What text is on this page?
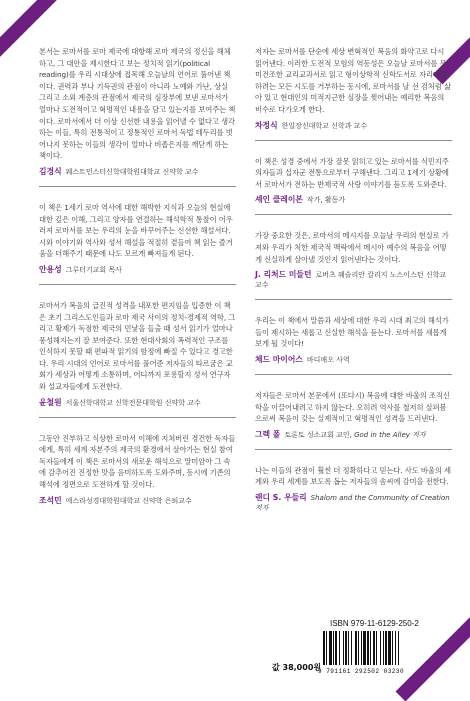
본서는 로마서를 로마 제국에 대항해 로마 제국의 정신을 해체하고, 그 대안을 제시한다고 보는 정치적 읽기(political reading)를 우리 시대상에 접목해 오늘날의 언어로 풀어낸 책이다. 권력과 부나 기득권의 관점이 아니라 노예와 가난, 상실 그리고 소외 계층의 관점에서 제국의 심장부에 보낸 로마서가 얼마나 도전적이고 혁명적인 내용을 담고 있는지를 보여주는 책이다. 로마서에서 더 이상 신선한 내용을 읽어낼 수 없다고 생각하는 이들, 특히 전통적이고 정통적인 로마서 독법 테두리를 벗어나지 못하는 이들의 생각이 얼마나 비좁은지를 깨닫게 하는 책이다.

김경식 웨스트민스터신학대학원대학교 신약학 교수

이 책은 1세기 로마 역사에 대한 해박한 지식과 오늘의 현실에 대한 깊은 이해, 그리고 양자를 연결하는 해석학적 통찰이 어우러져 로마서를 보는 우리의 눈을 바꾸어주는 신선한 해설서다. 시와 이야기와 역사와 성서 해설을 적절히 곁들여 책 읽는 즐거움을 더해주기 때문에 나도 모르게 빠져들게 된다.

안용성 그루터기교회 목사

로마서가 복음의 급진적 성격을 내포한 편지임을 입증한 이 책은 초기 그리스도인들과 로마 제국 사이의 정치-경제적 역학, 그리고 황제가 독점한 제국의 민낯을 들출 때 성서 읽기가 얼마나 풍성해지는지 잘 보여준다. 또한 현대사회의 폭력적인 구조를 인식하지 못할 때 편파적 읽기의 함정에 빠질 수 있다고 경고한다. 우리 시대의 언어로 로마서를 풀어준 저자들의 타르굼은 교회가 세상과 어떻게 소통하며, 어디까지 포용할지 성서 연구자와 설교자들에게 도전한다.

윤철원 서울신학대학교 신학전문대학원 신약학 교수

그동안 진부하고 식상한 로마서 이해에 지쳐버린 경건한 독자들에게, 특히 세계 자본주의 제국의 환경에서 살아가는 현실 참여 독자들에게 이 책은 로마서의 새로운 해석으로 말미암아 그 속에 감추어진 진정한 맛을 음미하도록 도와주며, 동시에 기존의 해석에 정면으로 도전하게 할 것이다.

조석민 에스라성경대학원대학교 신약학 은퇴교수

저자는 로마서를 단순에 세상 변혁적인 복음의 화약고로 다시 읽어낸다. 이러한 도전적 모험의 역동성은 오늘날 로마서를 무미건조한 교리교과서로 읽고 형이상학적 신학도서로 자리매김하려는 모든 시도를 거부하는 동시에, 로마서를 날 선 검처럼 삶아 있고 현대인의 미적지근한 심장을 찢어내는 예리한 복음의 비수로 다가오게 한다.

차정식 한일장신대학교 신학과 교수

이 책은 성경 중에서 가장 잘못 읽히고 있는 로마서를 식민지주의자들과 십자군 전통으로부터 구해낸다. 그리고 1세기 상황에서 로마서가 전하는 반제국적 사랑 이야기를 듣도록 도와준다.

셰인 클레이본 작가, 활동가

가장 중요한 것은, 로마서의 메시지를 오늘날 우리의 현실로 가져와 우리가 처한 제국적 맥락에서 메시아 예수의 복음을 어떻게 신실하게 살아낼 것인지 읽어낸다는 것이다.

J. 리처드 미들턴 로버츠 웨슬리안 칼리지 노스이스턴 신학교 교수

우리는 이 책에서 말씀과 세상에 대한 우리 시대 최고의 해석가들이 제시하는 새롭고 신실한 해석을 듣는다. 로마서를 새롭게 보게 될 것이다!

체드 마이어스 바디매오 사역

저자들은 로마서 본문에서 (또다시) 복음에 대한 바울의 조직신학을 이끌어내려고 하지 않는다. 오히려 역사를 철저히 살펴봄으로써 복음이 갖는 실제적이고 혁명적인 성격을 드러낸다.

그렉 폴 토론토 성소교회 교인, God in the Alley 저자

나는 이들의 관점이 훨씬 더 정확하다고 믿는다. 사도 바울의 세계와 우리 세계를 보도록 돕는 저자들의 솜씨에 감미을 전한다.

랜디 S. 우들리 Shalom and the Community of Creation 저자

ISBN 979-11-6129-250-2
9 791161 292502 03230
값 38,000원
